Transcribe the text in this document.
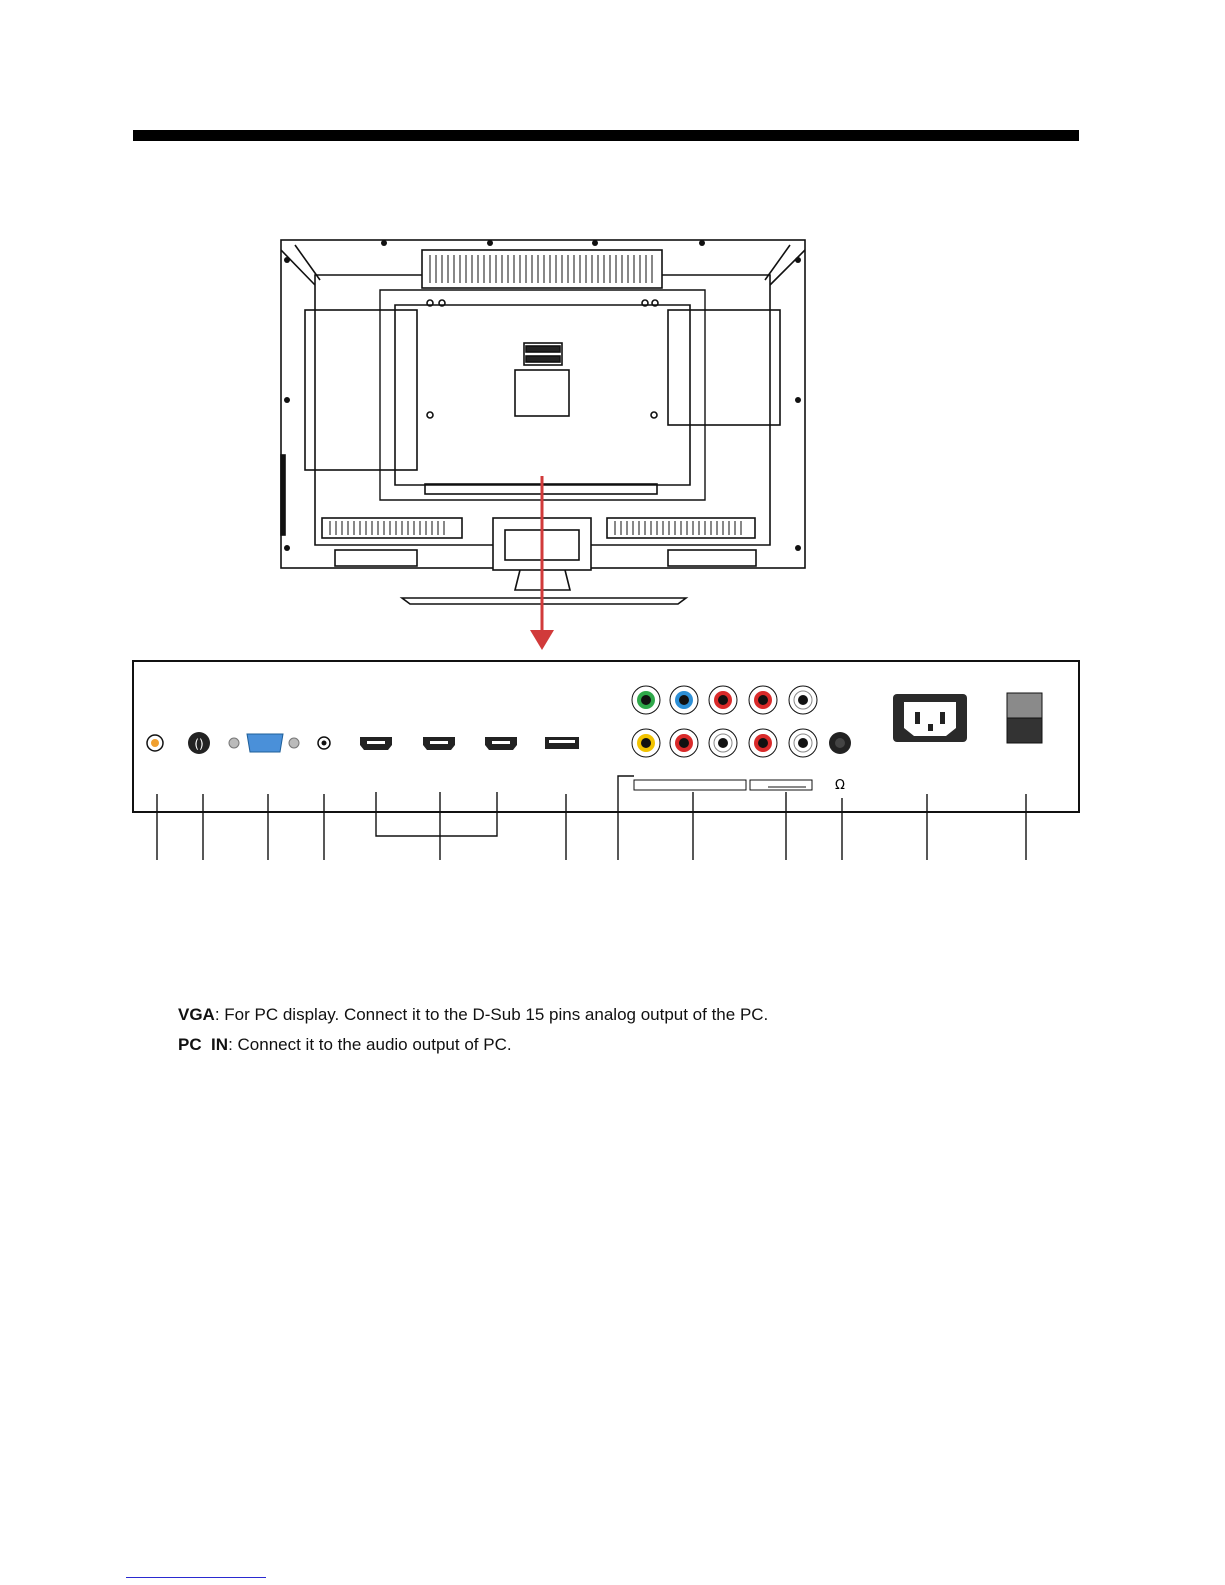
()
Ω
VGA: For PC display. Connect it to the D-Sub 15 pins analog output of the PC.
PC  IN: Connect it to the audio output of PC.
